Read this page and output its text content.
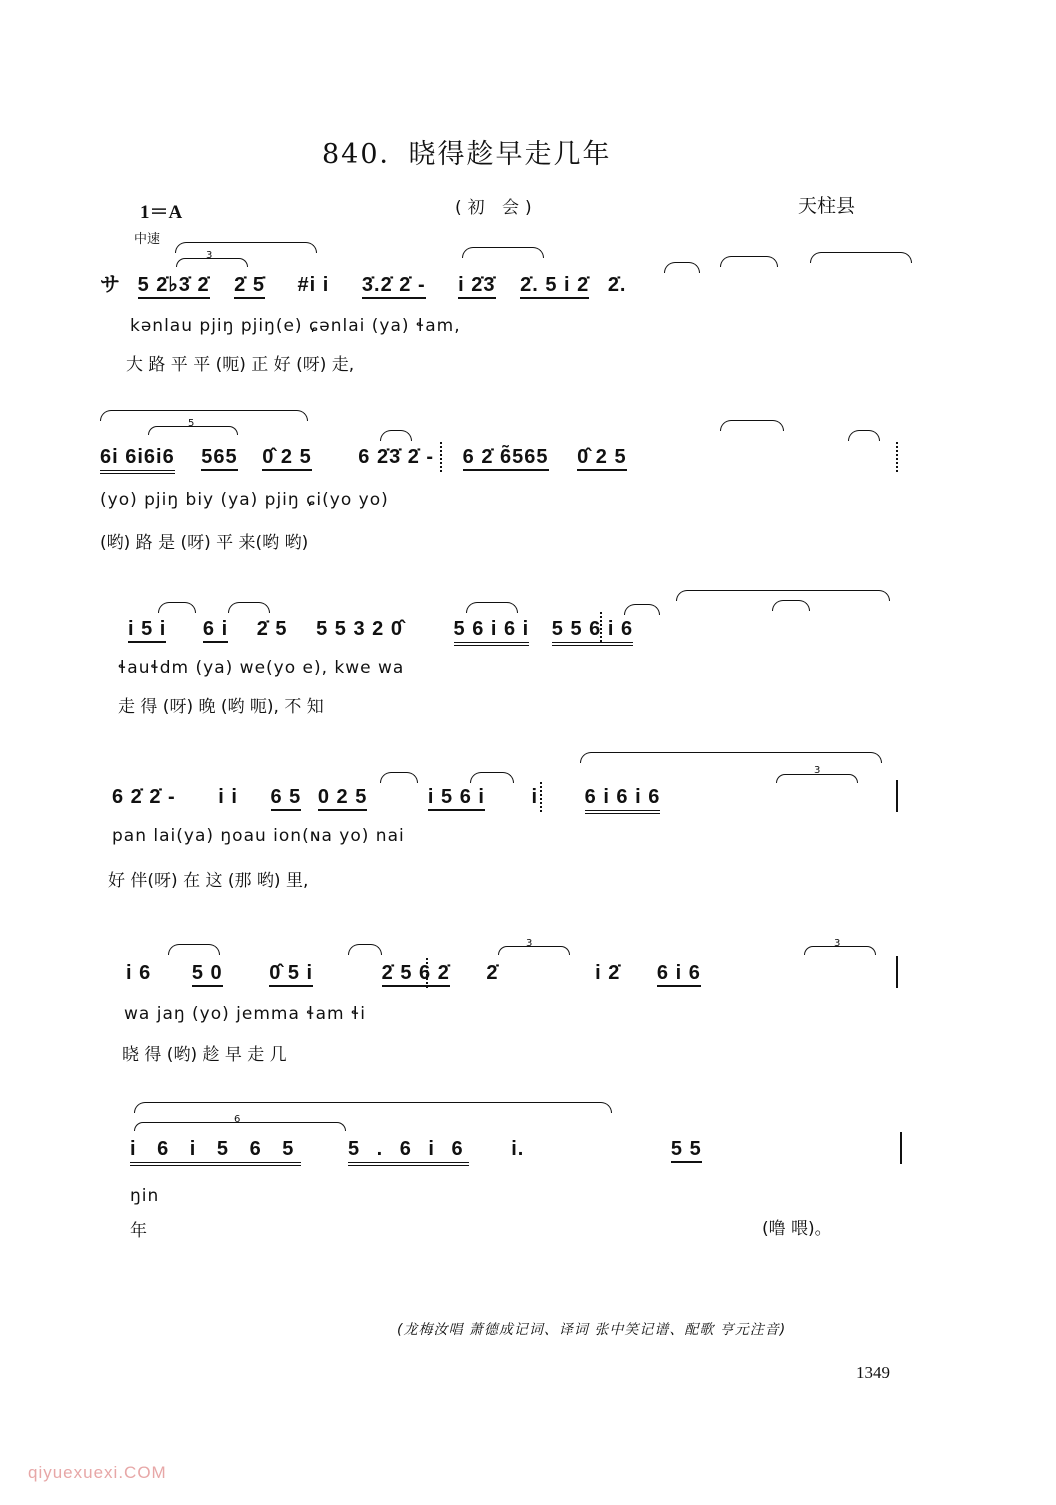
840．晓得趁早走几年
1＝A
中速
(初 会)	天柱县
3
サ 5 2̇♭3̇ 2̇ 2̇ 5̇ #i i 3̇.2̇ 2̇ - i 2̇3̇ 2̇. 5 i 2̇ 2̇.
kənlau pjiŋ pjiŋ(e) ɕənlai (ya) ɬam,
大 路 平 平 (呃) 正 好 (呀) 走,
5
6i 6i6i6 565 0̂ 2 5 6 2̇3̇ 2̇ - 6 2̇ 6̃565 0̂ 2 5
(yo) pjiŋ biy (ya) pjiŋ ɕi(yo yo)
(哟) 路 是 (呀) 平 来(哟 哟)
i 5 i 6 i 2̇ 5 5 5 3 2 0̂	5 6 i 6 i 5 5 6 i 6
ɬauɬdm (ya) we(yo e), kwe wa
走 得 (呀) 晚 (哟 呃), 不 知
3
6 2̇ 2̇ - i i 6 5 0 2 5	i 5 6 i i 6 i 6 i 6
pan lai(ya) ŋoau ion(ɴa yo) nai
好 伴(呀) 在 这 (那 哟) 里,
3	3
i 6 5 0 0̂ 5 i	2̇ 5 6 2̇ 2̇	i 2̇ 6 i 6
wa jaŋ (yo) jemma ɬam ɬi
晓 得 (哟) 趁 早 走 几
6
i 6 i 5 6 5 5 . 6 i 6 i.	5 5
ŋin
年	(噜 喂)。
(龙梅汝唱 萧德成记词、译词 张中笑记谱、配歌 亨元注音)
1349
qiyuexuexi.COM
